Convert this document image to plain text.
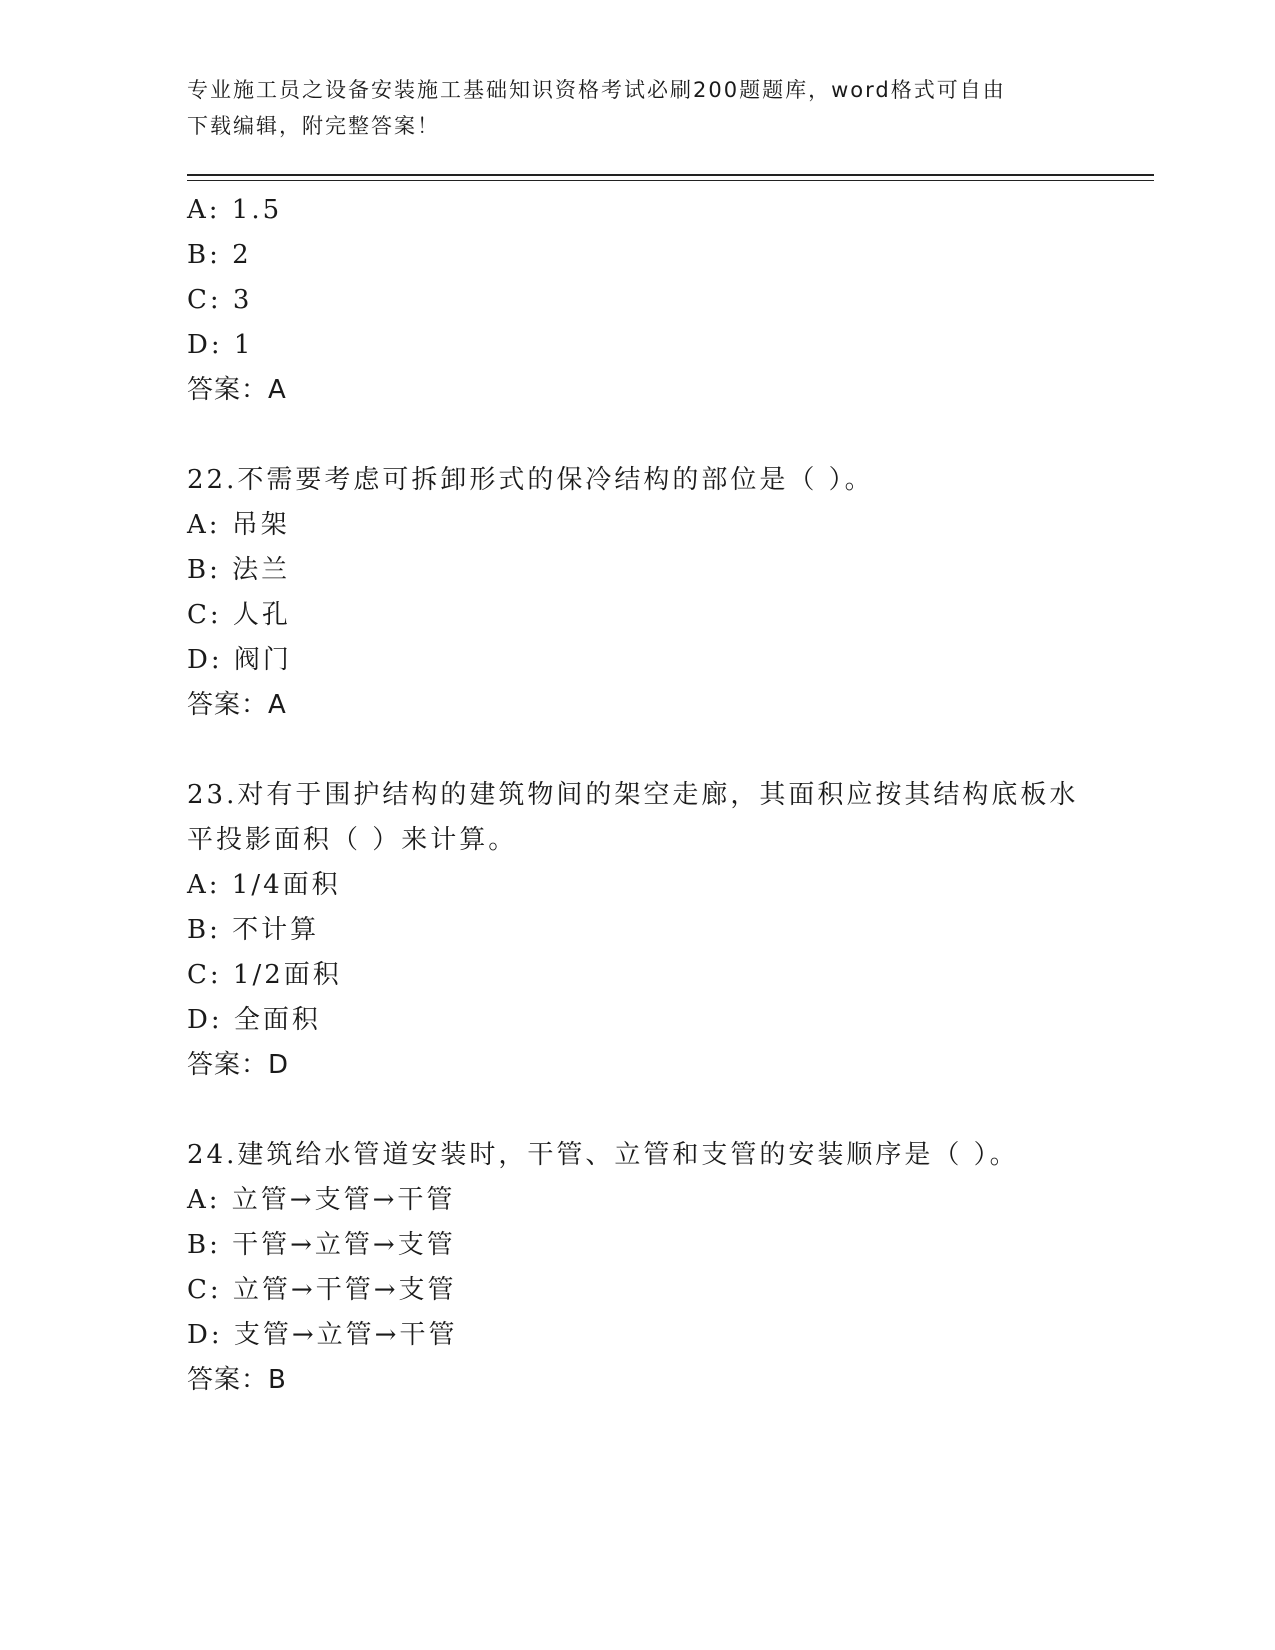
专业施工员之设备安装施工基础知识资格考试必刷200题题库，word格式可自由
下载编辑，附完整答案！
A: 1.5
B: 2
C: 3
D: 1
答案：A
22.不需要考虑可拆卸形式的保冷结构的部位是（ ）。
A: 吊架
B: 法兰
C: 人孔
D: 阀门
答案：A
23.对有于围护结构的建筑物间的架空走廊，其面积应按其结构底板水
平投影面积（ ）来计算。
A: 1/4面积
B: 不计算
C: 1/2面积
D: 全面积
答案：D
24.建筑给水管道安装时，干管、立管和支管的安装顺序是（ ）。
A: 立管→支管→干管
B: 干管→立管→支管
C: 立管→干管→支管
D: 支管→立管→干管
答案：B
